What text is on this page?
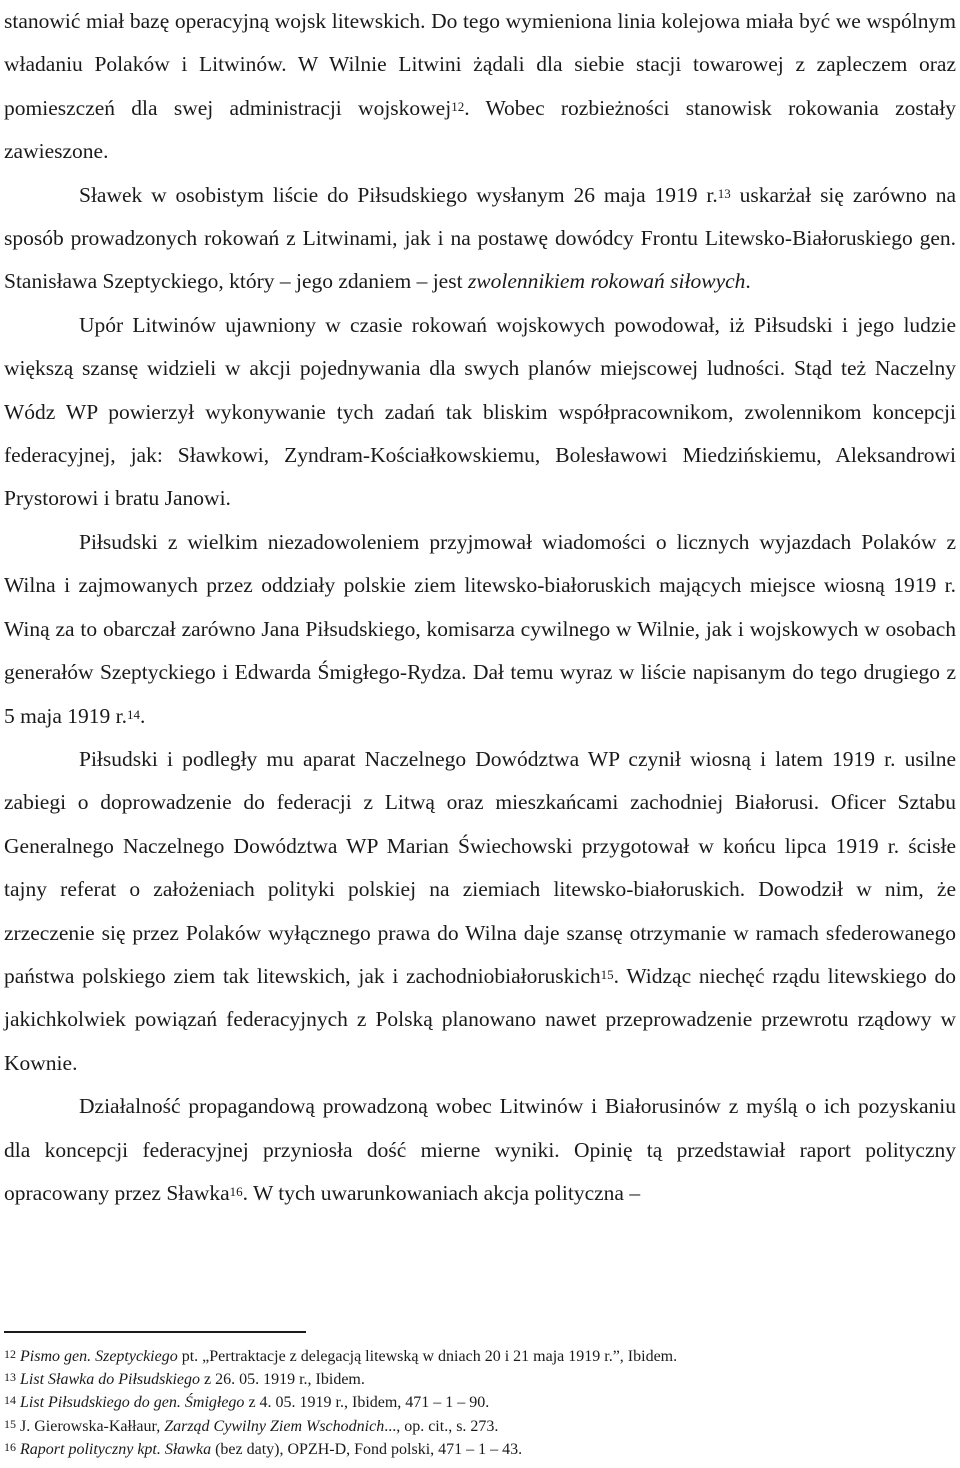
stanowić miał bazę operacyjną wojsk litewskich. Do tego wymieniona linia kolejowa miała być we wspólnym władaniu Polaków i Litwinów. W Wilnie Litwini żądali dla siebie stacji towarowej z zapleczem oraz pomieszczeń dla swej administracji wojskowej$^{12}$. Wobec rozbieżności stanowisk rokowania zostały zawieszone.

Sławek w osobistym liście do Piłsudskiego wysłanym 26 maja 1919 r.$^{13}$ uskarżał się zarówno na sposób prowadzonych rokowań z Litwinami, jak i na postawę dowódcy Frontu Litewsko-Białoruskiego gen. Stanisława Szeptyckiego, który – jego zdaniem – jest zwolennikiem rokowań siłowych.

Upór Litwinów ujawniony w czasie rokowań wojskowych powodował, iż Piłsudski i jego ludzie większą szansę widzieli w akcji pojednywania dla swych planów miejscowej ludności. Stąd też Naczelny Wódz WP powierzył wykonywanie tych zadań tak bliskim współpracownikom, zwolennikom koncepcji federacyjnej, jak: Sławkowi, Zyndram-Kościałkowskiemu, Bolesławowi Miedzińskiemu, Aleksandrowi Prystorowi i bratu Janowi.

Piłsudski z wielkim niezadowoleniem przyjmował wiadomości o licznych wyjazdach Polaków z Wilna i zajmowanych przez oddziały polskie ziem litewsko-białoruskich mających miejsce wiosną 1919 r. Winą za to obarczał zarówno Jana Piłsudskiego, komisarza cywilnego w Wilnie, jak i wojskowych w osobach generałów Szeptyckiego i Edwarda Śmigłego-Rydza. Dał temu wyraz w liście napisanym do tego drugiego z 5 maja 1919 r.$^{14}$.

Piłsudski i podległy mu aparat Naczelnego Dowództwa WP czynił wiosną i latem 1919 r. usilne zabiegi o doprowadzenie do federacji z Litwą oraz mieszkańcami zachodniej Białorusi. Oficer Sztabu Generalnego Naczelnego Dowództwa WP Marian Świechowski przygotował w końcu lipca 1919 r. ścisłe tajny referat o założeniach polityki polskiej na ziemiach litewsko-białoruskich. Dowodził w nim, że zrzeczenie się przez Polaków wyłącznego prawa do Wilna daje szansę otrzymanie w ramach sfederowanego państwa polskiego ziem tak litewskich, jak i zachodniobiałoruskich$^{15}$. Widząc niechęć rządu litewskiego do jakichkolwiek powiązań federacyjnych z Polską planowano nawet przeprowadzenie przewrotu rządowy w Kownie.

Działalność propagandową prowadzoną wobec Litwinów i Białorusinów z myślą o ich pozyskaniu dla koncepcji federacyjnej przyniosła dość mierne wyniki. Opinię tą przedstawiał raport polityczny opracowany przez Sławka$^{16}$. W tych uwarunkowaniach akcja polityczna –

$^{12}$ Pismo gen. Szeptyckiego pt. „Pertraktacje z delegacją litewską w dniach 20 i 21 maja 1919 r.”, Ibidem.
$^{13}$ List Sławka do Piłsudskiego z 26. 05. 1919 r., Ibidem.
$^{14}$ List Piłsudskiego do gen. Śmigłego z 4. 05. 1919 r., Ibidem, 471 – 1 – 90.
$^{15}$ J. Gierowska-Kałłaur, Zarząd Cywilny Ziem Wschodnich..., op. cit., s. 273.
$^{16}$ Raport polityczny kpt. Sławka (bez daty), OPZH-D, Fond polski, 471 – 1 – 43.
